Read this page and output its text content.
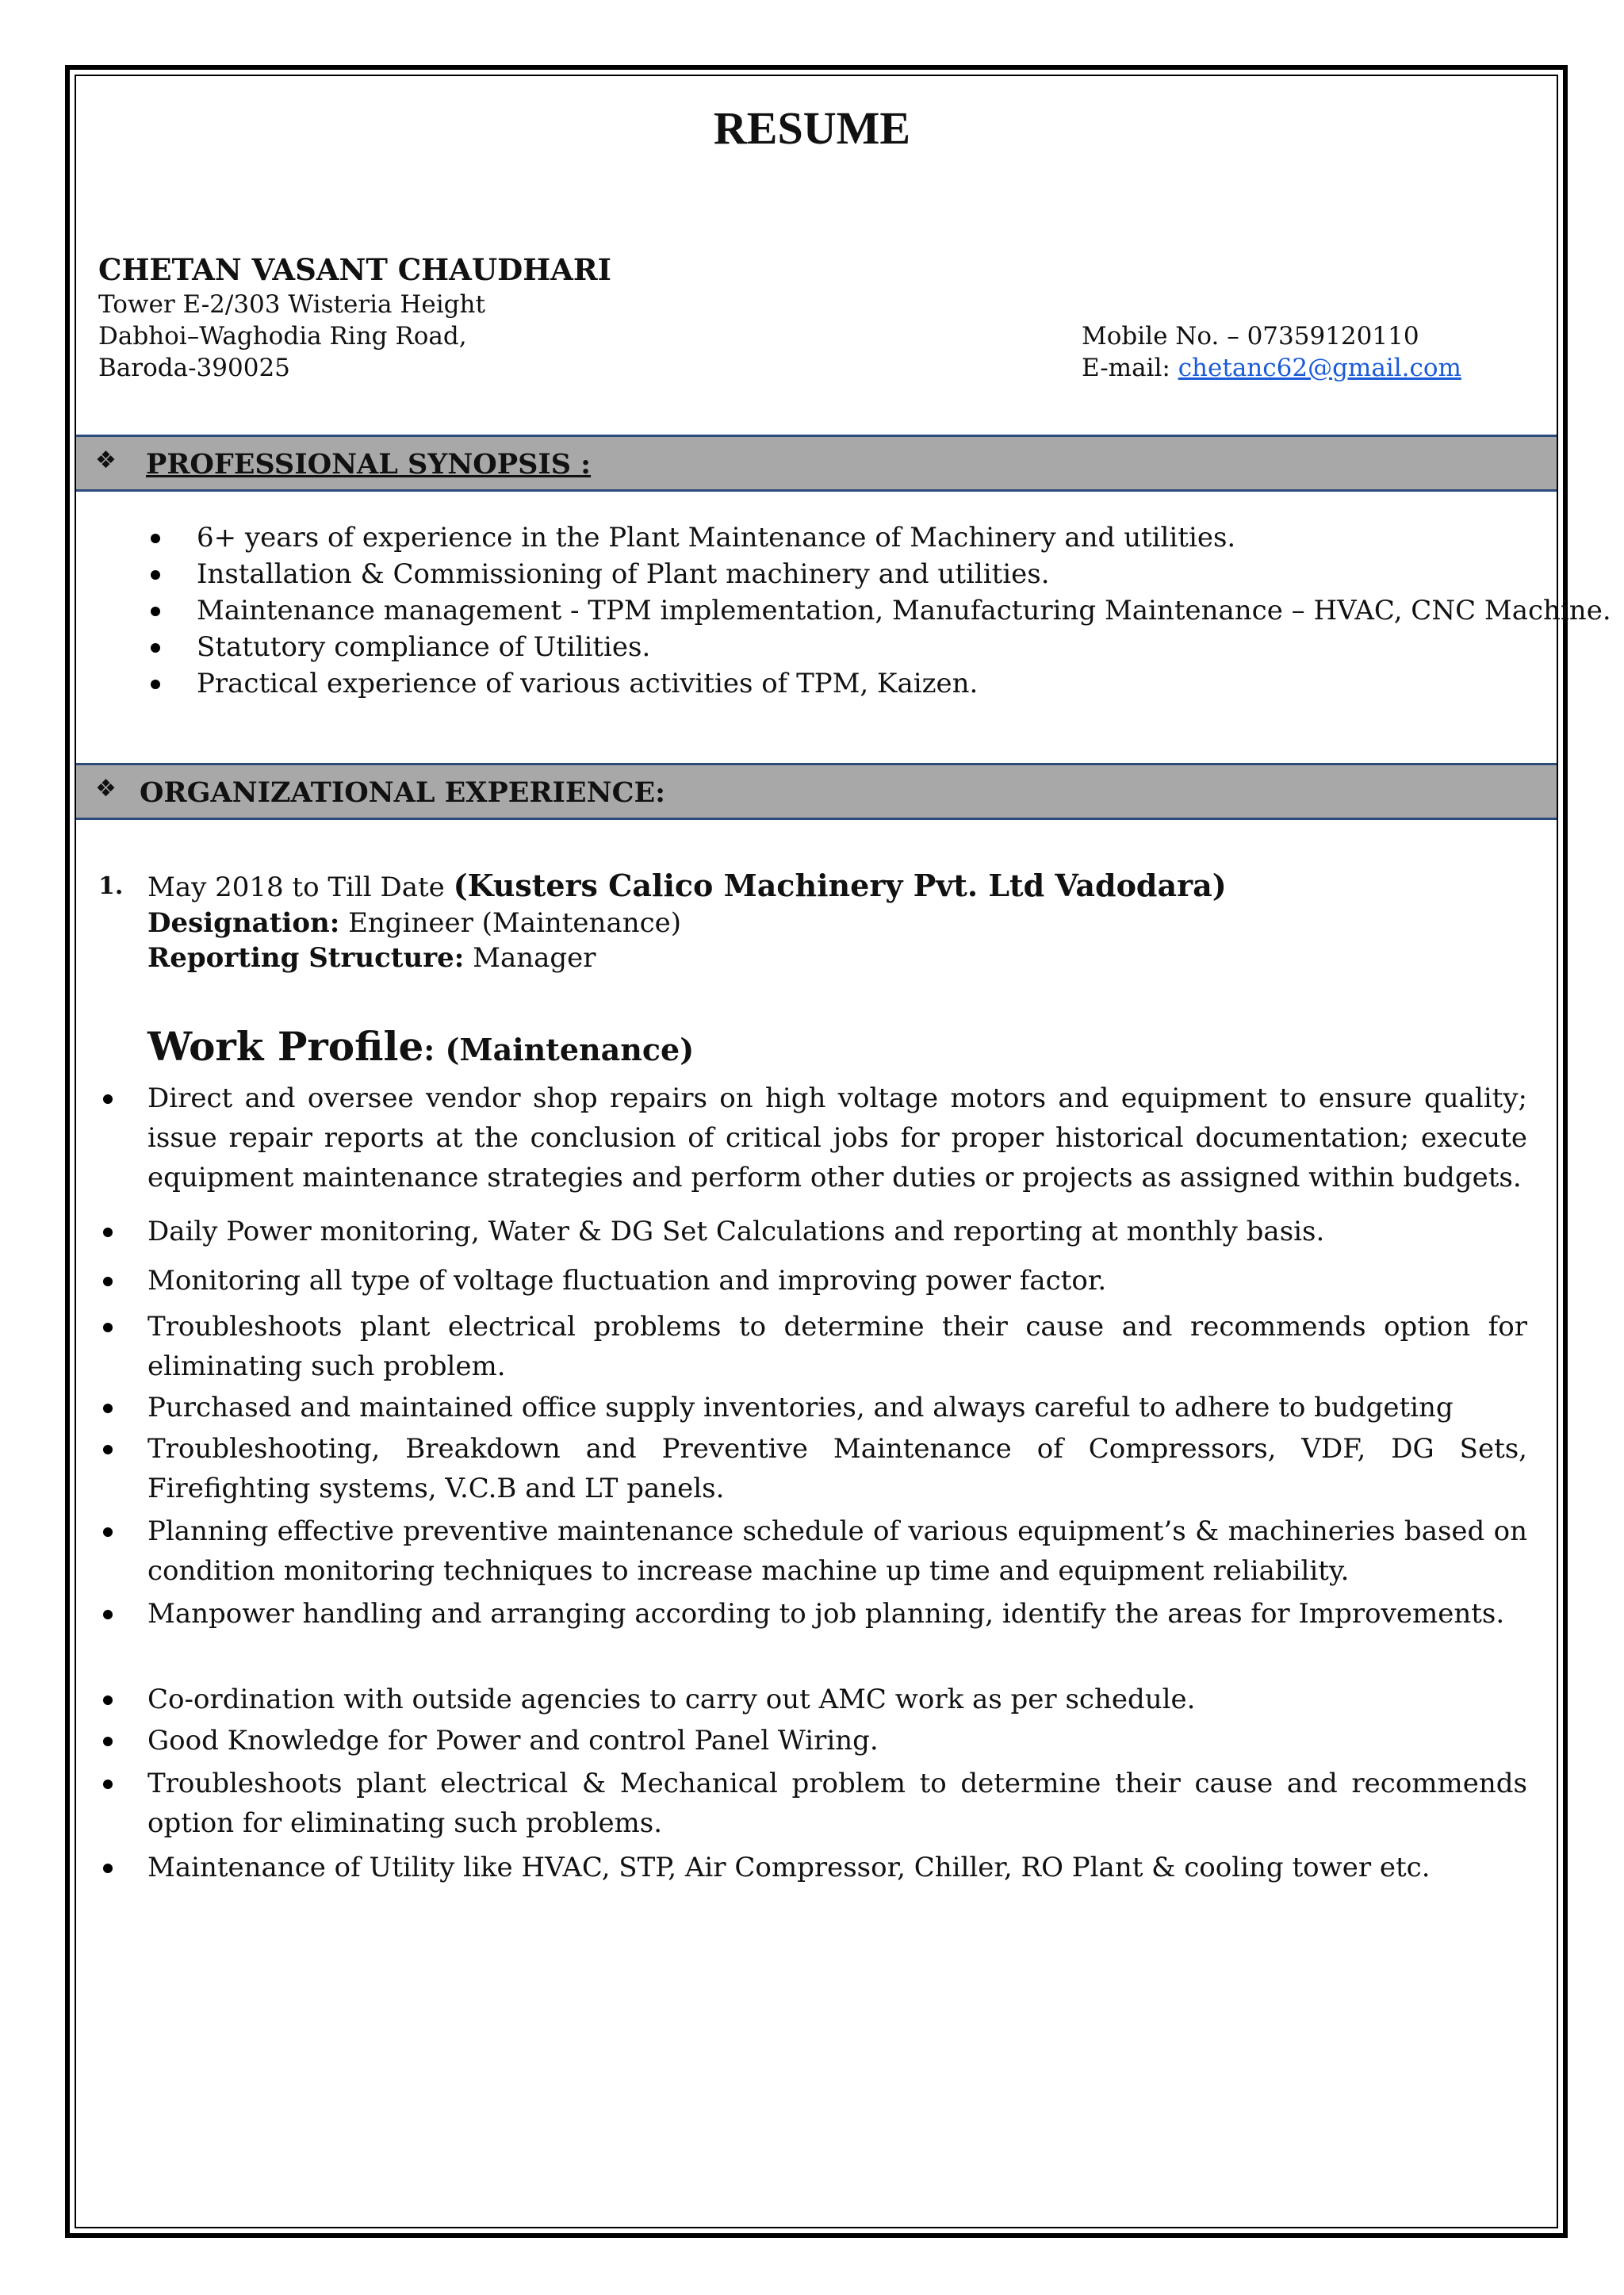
RESUME
CHETAN VASANT CHAUDHARI
Tower E-2/303 Wisteria Height
Dabhoi–Waghodia Ring Road,
Baroda-390025
Mobile No. – 07359120110
E-mail: chetanc62@gmail.com
❖ PROFESSIONAL SYNOPSIS :
6+ years of experience in the Plant Maintenance of Machinery and utilities.
Installation & Commissioning of Plant machinery and utilities.
Maintenance management - TPM implementation, Manufacturing Maintenance – HVAC, CNC Machine.
Statutory compliance of Utilities.
Practical experience of various activities of TPM, Kaizen.
❖ ORGANIZATIONAL EXPERIENCE:
1. May 2018 to Till Date (Kusters Calico Machinery Pvt. Ltd Vadodara)
Designation: Engineer (Maintenance)
Reporting Structure: Manager
Work Profile: (Maintenance)
Direct and oversee vendor shop repairs on high voltage motors and equipment to ensure quality; issue repair reports at the conclusion of critical jobs for proper historical documentation; execute equipment maintenance strategies and perform other duties or projects as assigned within budgets.
Daily Power monitoring, Water & DG Set Calculations and reporting at monthly basis.
Monitoring all type of voltage fluctuation and improving power factor.
Troubleshoots plant electrical problems to determine their cause and recommends option for eliminating such problem.
Purchased and maintained office supply inventories, and always careful to adhere to budgeting
Troubleshooting, Breakdown and Preventive Maintenance of Compressors, VDF, DG Sets, Firefighting systems, V.C.B and LT panels.
Planning effective preventive maintenance schedule of various equipment’s & machineries based on condition monitoring techniques to increase machine up time and equipment reliability.
Manpower handling and arranging according to job planning, identify the areas for Improvements.
Co-ordination with outside agencies to carry out AMC work as per schedule.
Good Knowledge for Power and control Panel Wiring.
Troubleshoots plant electrical & Mechanical problem to determine their cause and recommends option for eliminating such problems.
Maintenance of Utility like HVAC, STP, Air Compressor, Chiller, RO Plant & cooling tower etc.
